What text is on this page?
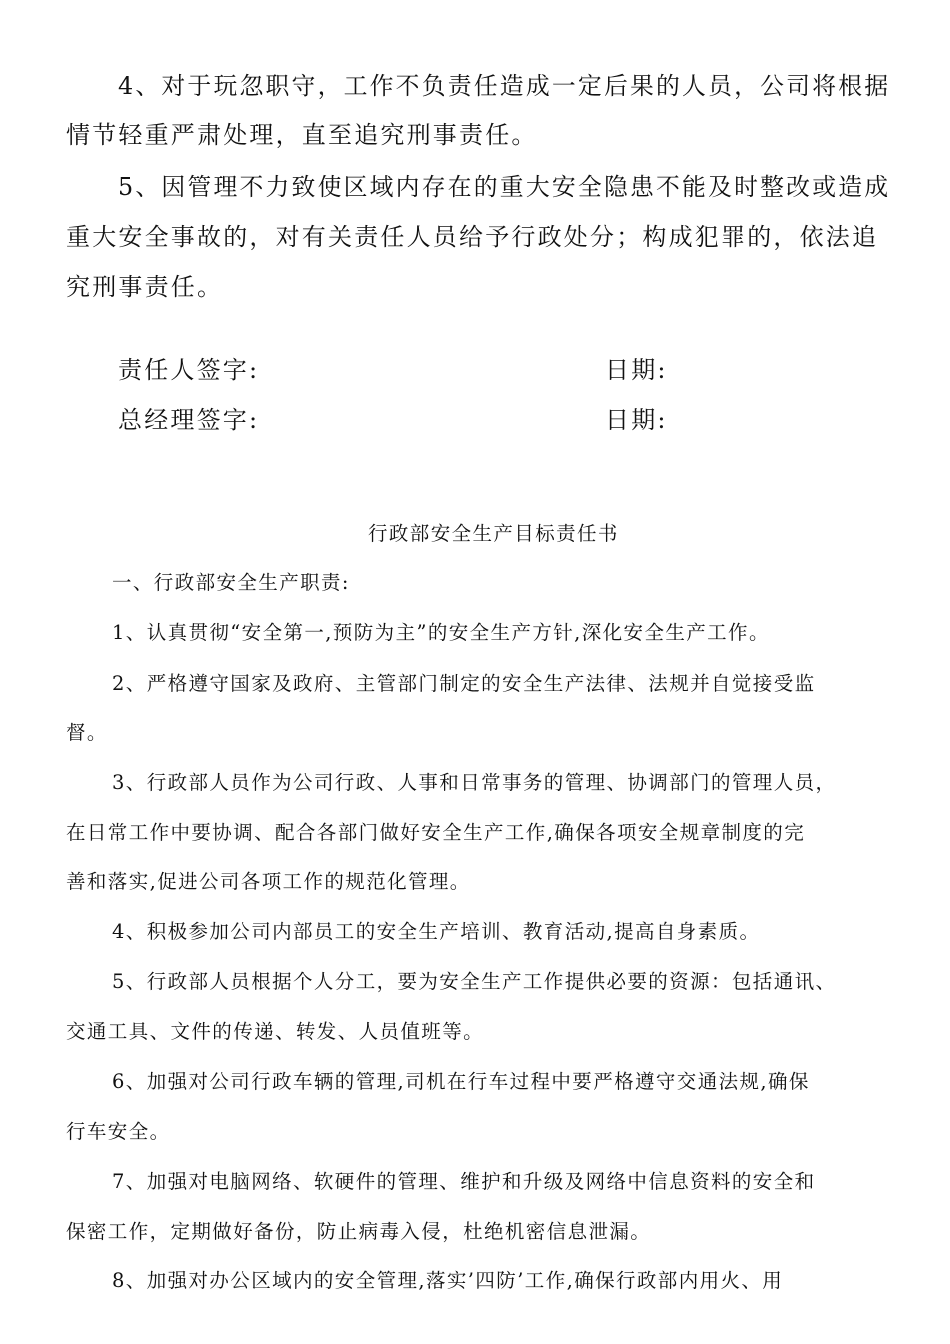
4、对于玩忽职守，工作不负责任造成一定后果的人员，公司将根据
情节轻重严肃处理，直至追究刑事责任。
5、因管理不力致使区域内存在的重大安全隐患不能及时整改或造成
重大安全事故的，对有关责任人员给予行政处分；构成犯罪的，依法追
究刑事责任。
责任人签字:	日期:
总经理签字:	日期:
行政部安全生产目标责任书
一、行政部安全生产职责:
1、认真贯彻“安全第一,预防为主”的安全生产方针,深化安全生产工作。
2、严格遵守国家及政府、主管部门制定的安全生产法律、法规并自觉接受监
督。
3、行政部人员作为公司行政、人事和日常事务的管理、协调部门的管理人员，
在日常工作中要协调、配合各部门做好安全生产工作,确保各项安全规章制度的完
善和落实,促进公司各项工作的规范化管理。
4、积极参加公司内部员工的安全生产培训、教育活动,提高自身素质。
5、行政部人员根据个人分工，要为安全生产工作提供必要的资源：包括通讯、
交通工具、文件的传递、转发、人员值班等。
6、加强对公司行政车辆的管理,司机在行车过程中要严格遵守交通法规,确保
行车安全。
7、加强对电脑网络、软硬件的管理、维护和升级及网络中信息资料的安全和
保密工作，定期做好备份，防止病毒入侵，杜绝机密信息泄漏。
8、加强对办公区域内的安全管理,落实’四防’工作,确保行政部内用火、用
